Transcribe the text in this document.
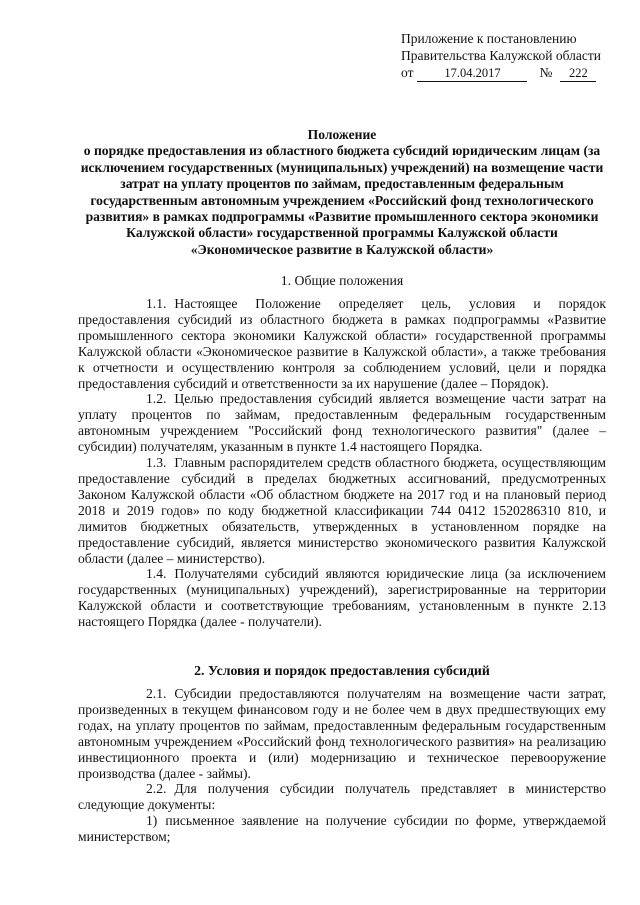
Приложение к постановлению
Правительства Калужской области
от 17.04.2017	№ 222
Положение
о порядке предоставления из областного бюджета субсидий юридическим лицам (за исключением государственных (муниципальных) учреждений) на возмещение части затрат на уплату процентов по займам, предоставленным федеральным государственным автономным учреждением «Российский фонд технологического развития» в рамках подпрограммы «Развитие промышленного сектора экономики Калужской области» государственной программы Калужской области «Экономическое развитие в Калужской области»
1. Общие положения

1.1. Настоящее Положение определяет цель, условия и порядок предоставления субсидий из областного бюджета в рамках подпрограммы «Развитие промышленного сектора экономики Калужской области» государственной программы Калужской области «Экономическое развитие в Калужской области», а также требования к отчетности и осуществлению контроля за соблюдением условий, цели и порядка предоставления субсидий и ответственности за их нарушение (далее – Порядок).

1.2. Целью предоставления субсидий является возмещение части затрат на уплату процентов по займам, предоставленным федеральным государственным автономным учреждением "Российский фонд технологического развития" (далее – субсидии) получателям, указанным в пункте 1.4 настоящего Порядка.

1.3. Главным распорядителем средств областного бюджета, осуществляющим предоставление субсидий в пределах бюджетных ассигнований, предусмотренных Законом Калужской области «Об областном бюджете на 2017 год и на плановый период 2018 и 2019 годов» по коду бюджетной классификации 744 0412 1520286310 810, и лимитов бюджетных обязательств, утвержденных в установленном порядке на предоставление субсидий, является министерство экономического развития Калужской области (далее – министерство).

1.4. Получателями субсидий являются юридические лица (за исключением государственных (муниципальных) учреждений), зарегистрированные на территории Калужской области и соответствующие требованиям, установленным в пункте 2.13 настоящего Порядка (далее - получатели).

2. Условия и порядок предоставления субсидий

2.1. Субсидии предоставляются получателям на возмещение части затрат, произведенных в текущем финансовом году и не более чем в двух предшествующих ему годах, на уплату процентов по займам, предоставленным федеральным государственным автономным учреждением «Российский фонд технологического развития» на реализацию инвестиционного проекта и (или) модернизацию и техническое перевооружение производства (далее - займы).

2.2. Для получения субсидии получатель представляет в министерство следующие документы:

1) письменное заявление на получение субсидии по форме, утверждаемой министерством;
